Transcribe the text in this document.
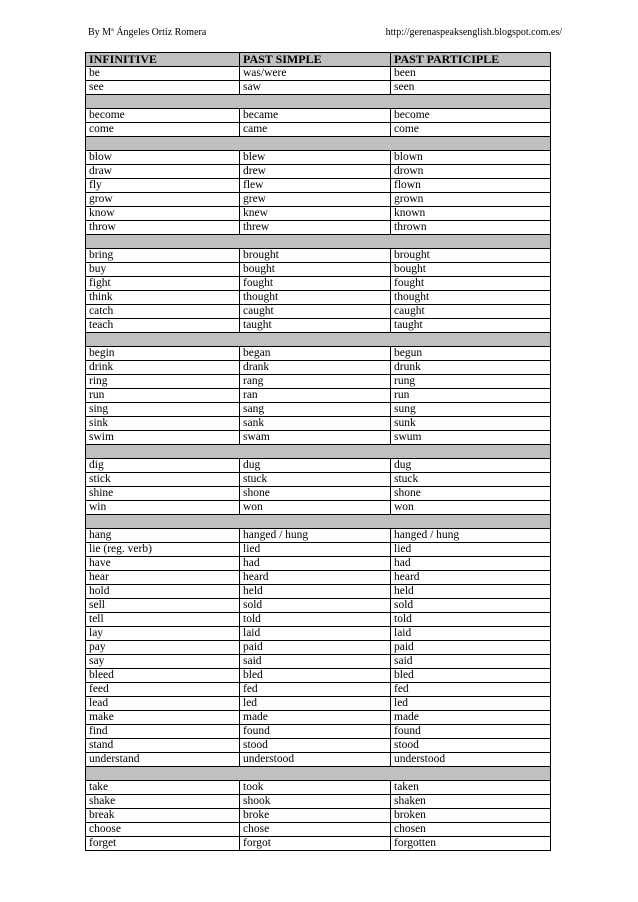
By Mª Ángeles Ortiz Romera	http://gerenaspeaksenglish.blogspot.com.es/
INFINITIVE	PAST SIMPLE	PAST PARTICIPLE
be	was/were	been
see	saw	seen

become	became	become
come	came	come

blow	blew	blown
draw	drew	drown
fly	flew	flown
grow	grew	grown
know	knew	known
throw	threw	thrown

bring	brought	brought
buy	bought	bought
fight	fought	fought
think	thought	thought
catch	caught	caught
teach	taught	taught

begin	began	begun
drink	drank	drunk
ring	rang	rung
run	ran	run
sing	sang	sung
sink	sank	sunk
swim	swam	swum

dig	dug	dug
stick	stuck	stuck
shine	shone	shone
win	won	won

hang	hanged / hung	hanged / hung
lie (reg. verb)	lied	lied
have	had	had
hear	heard	heard
hold	held	held
sell	sold	sold
tell	told	told
lay	laid	laid
pay	paid	paid
say	said	said
bleed	bled	bled
feed	fed	fed
lead	led	led
make	made	made
find	found	found
stand	stood	stood
understand	understood	understood

take	took	taken
shake	shook	shaken
break	broke	broken
choose	chose	chosen
forget	forgot	forgotten
